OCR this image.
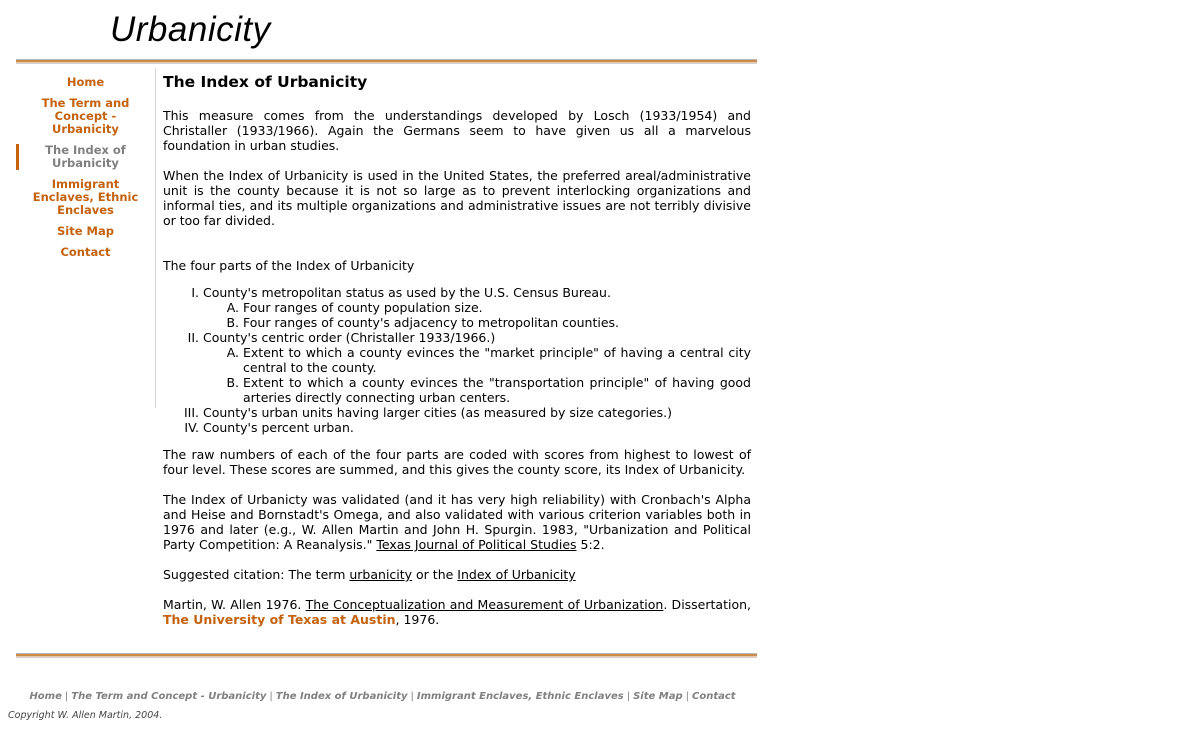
Urbanicity
Home
The Term and Concept - Urbanicity
The Index of Urbanicity
Immigrant Enclaves, Ethnic Enclaves
Site Map
Contact
The Index of Urbanicity

This measure comes from the understandings developed by Losch (1933/1954) and Christaller (1933/1966). Again the Germans seem to have given us all a marvelous foundation in urban studies.

When the Index of Urbanicity is used in the United States, the preferred areal/administrative unit is the county because it is not so large as to prevent interlocking organizations and informal ties, and its multiple organizations and administrative issues are not terribly divisive or too far divided.

The four parts of the Index of Urbanicity

I. County's metropolitan status as used by the U.S. Census Bureau.
A. Four ranges of county population size.
B. Four ranges of county's adjacency to metropolitan counties.
II. County's centric order (Christaller 1933/1966.)
A. Extent to which a county evinces the "market principle" of having a central city central to the county.
B. Extent to which a county evinces the "transportation principle" of having good arteries directly connecting urban centers.
III. County's urban units having larger cities (as measured by size categories.)
IV. County's percent urban.

The raw numbers of each of the four parts are coded with scores from highest to lowest of four level. These scores are summed, and this gives the county score, its Index of Urbanicity.

The Index of Urbanicty was validated (and it has very high reliability) with Cronbach's Alpha and Heise and Bornstadt's Omega, and also validated with various criterion variables both in 1976 and later (e.g., W. Allen Martin and John H. Spurgin. 1983, "Urbanization and Political Party Competition: A Reanalysis." Texas Journal of Political Studies 5:2.

Suggested citation: The term urbanicity or the Index of Urbanicity

Martin, W. Allen 1976. The Conceptualization and Measurement of Urbanization. Dissertation, The University of Texas at Austin, 1976.

Home | The Term and Concept - Urbanicity | The Index of Urbanicity | Immigrant Enclaves, Ethnic Enclaves | Site Map | Contact
Copyright W. Allen Martin, 2004.
